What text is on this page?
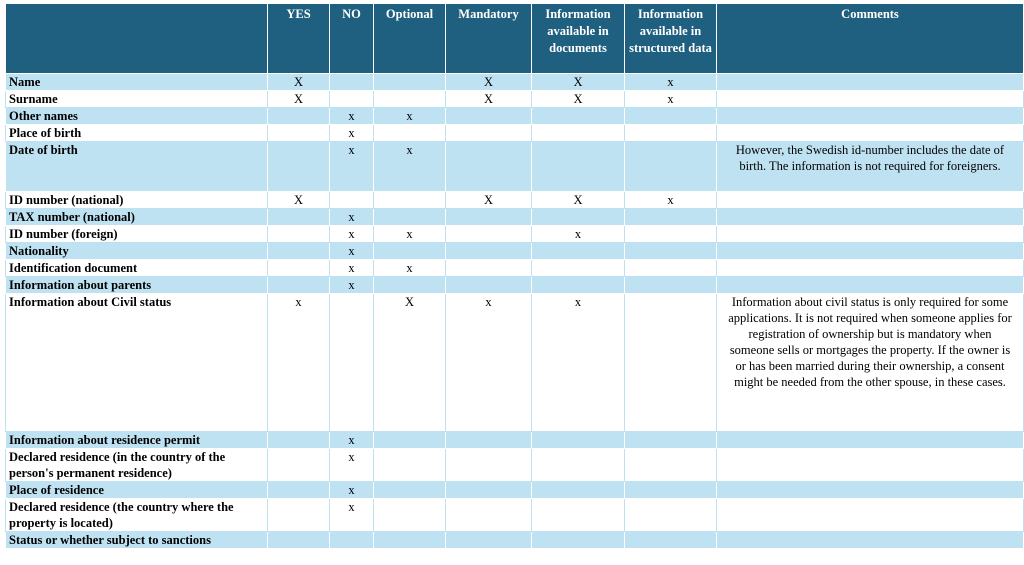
	YES	NO	Optional	Mandatory	Information available in documents	Information available in structured data	Comments
Name	X			X	X	x	
Surname	X			X	X	x	
Other names		x	x				
Place of birth		x					
Date of birth		x	x				However, the Swedish id-number includes the date of birth. The information is not required for foreigners.
ID number (national)	X			X	X	x	
TAX number (national)		x					
ID number (foreign)		x	x		x		
Nationality		x					
Identification document		x	x				
Information about parents		x					
Information about Civil status	x		X	x	x		Information about civil status is only required for some applications. It is not required when someone applies for registration of ownership but is mandatory when someone sells or mortgages the property. If the owner is or has been married during their ownership, a consent might be needed from the other spouse, in these cases.
Information about residence permit		x					
Declared residence (in the country of the person's permanent residence)		x					
Place of residence		x					
Declared residence (the country where the property is located)		x					
Status or whether subject to sanctions							
